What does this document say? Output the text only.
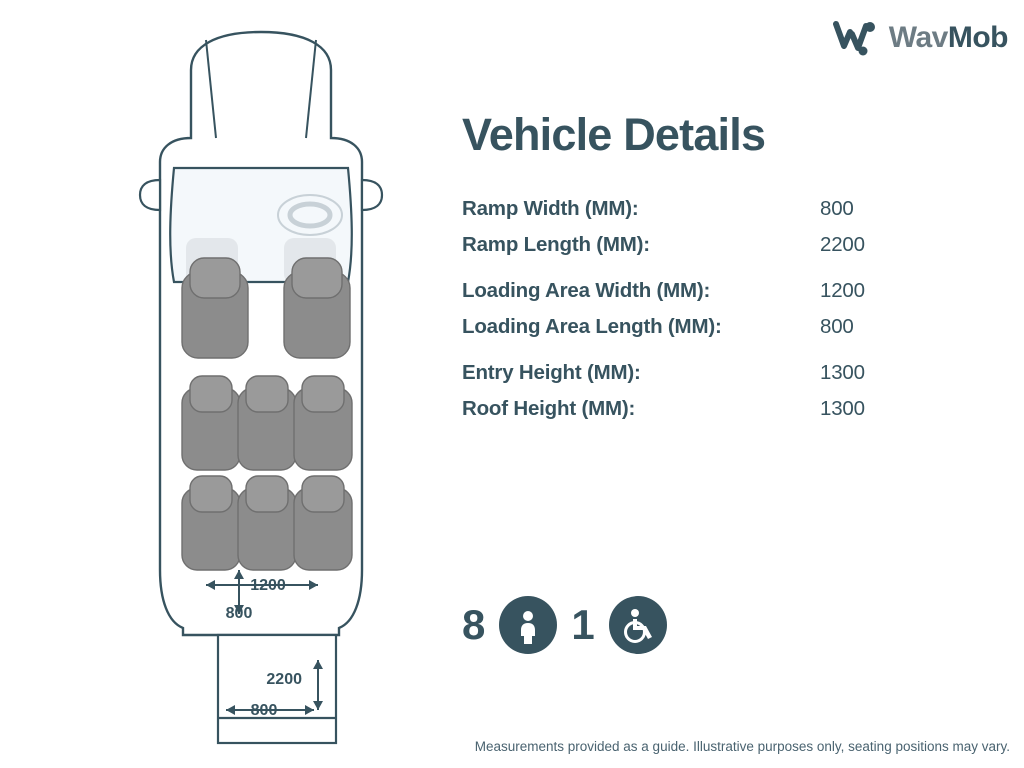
WavMob
1200
800
2200
800
Vehicle Details
Ramp Width (MM):	800
Ramp Length (MM):	2200
Loading Area Width (MM):	1200
Loading Area Length (MM):	800
Entry Height (MM):	1300
Roof Height (MM):	1300
8 1
Measurements provided as a guide. Illustrative purposes only, seating positions may vary.
